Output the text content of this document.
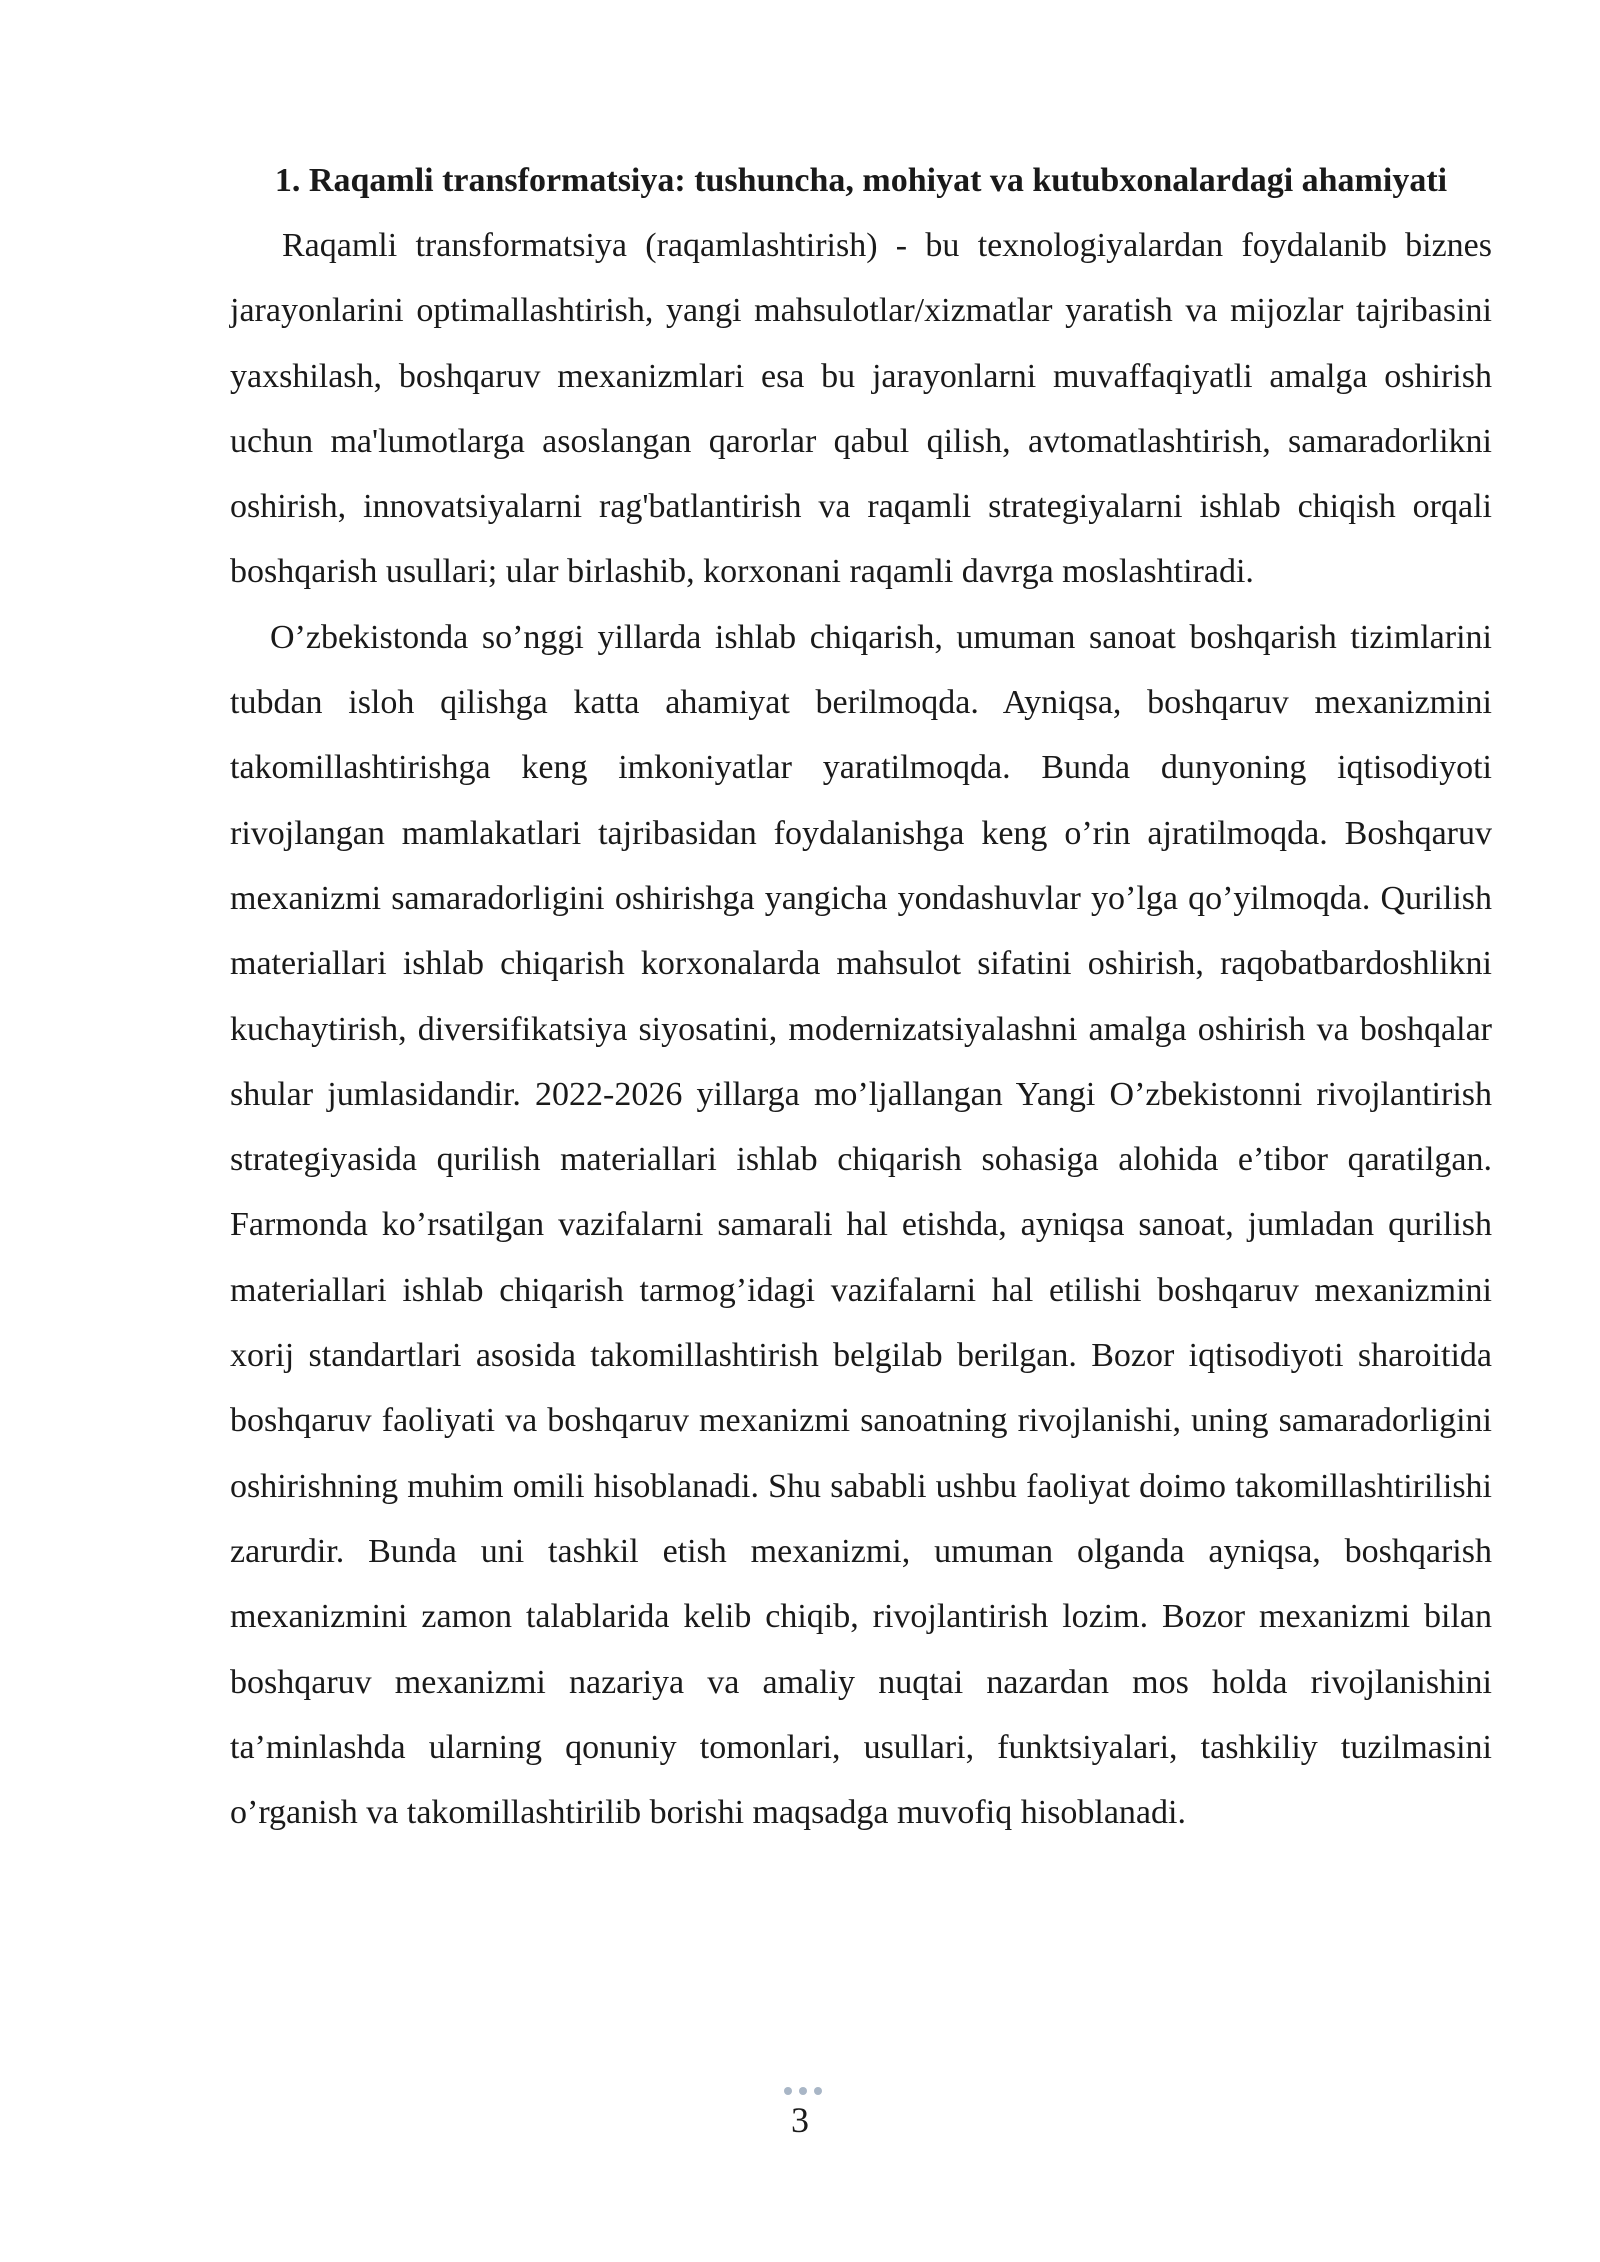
1. Raqamli transformatsiya: tushuncha, mohiyat va kutubxonalardagi ahamiyati

Raqamli transformatsiya (raqamlashtirish) - bu texnologiyalardan foydalanib biznes jarayonlarini optimallashtirish, yangi mahsulotlar/xizmatlar yaratish va mijozlar tajribasini yaxshilash, boshqaruv mexanizmlari esa bu jarayonlarni muvaffaqiyatli amalga oshirish uchun ma'lumotlarga asoslangan qarorlar qabul qilish, avtomatlashtirish, samaradorlikni oshirish, innovatsiyalarni rag'batlantirish va raqamli strategiyalarni ishlab chiqish orqali boshqarish usullari; ular birlashib, korxonani raqamli davrga moslashtiradi.

O’zbekistonda so’nggi yillarda ishlab chiqarish, umuman sanoat boshqarish tizimlarini tubdan isloh qilishga katta ahamiyat berilmoqda. Ayniqsa, boshqaruv mexanizmini takomillashtirishga keng imkoniyatlar yaratilmoqda. Bunda dunyoning iqtisodiyoti rivojlangan mamlakatlari tajribasidan foydalanishga keng o’rin ajratilmoqda. Boshqaruv mexanizmi samaradorligini oshirishga yangicha yondashuvlar yo’lga qo’yilmoqda. Qurilish materiallari ishlab chiqarish korxonalarda mahsulot sifatini oshirish, raqobatbardoshlikni kuchaytirish, diversifikatsiya siyosatini, modernizatsiyalashni amalga oshirish va boshqalar shular jumlasidandir. 2022-2026 yillarga mo’ljallangan Yangi O’zbekistonni rivojlantirish strategiyasida qurilish materiallari ishlab chiqarish sohasiga alohida e’tibor qaratilgan. Farmonda ko’rsatilgan vazifalarni samarali hal etishda, ayniqsa sanoat, jumladan qurilish materiallari ishlab chiqarish tarmog’idagi vazifalarni hal etilishi boshqaruv mexanizmini xorij standartlari asosida takomillashtirish belgilab berilgan. Bozor iqtisodiyoti sharoitida boshqaruv faoliyati va boshqaruv mexanizmi sanoatning rivojlanishi, uning samaradorligini oshirishning muhim omili hisoblanadi. Shu sababli ushbu faoliyat doimo takomillashtirilishi zarurdir. Bunda uni tashkil etish mexanizmi, umuman olganda ayniqsa, boshqarish mexanizmini zamon talablarida kelib chiqib, rivojlantirish lozim. Bozor mexanizmi bilan boshqaruv mexanizmi nazariya va amaliy nuqtai nazardan mos holda rivojlanishini ta’minlashda ularning qonuniy tomonlari, usullari, funktsiyalari, tashkiliy tuzilmasini o’rganish va takomillashtirilib borishi maqsadga muvofiq hisoblanadi.

3
